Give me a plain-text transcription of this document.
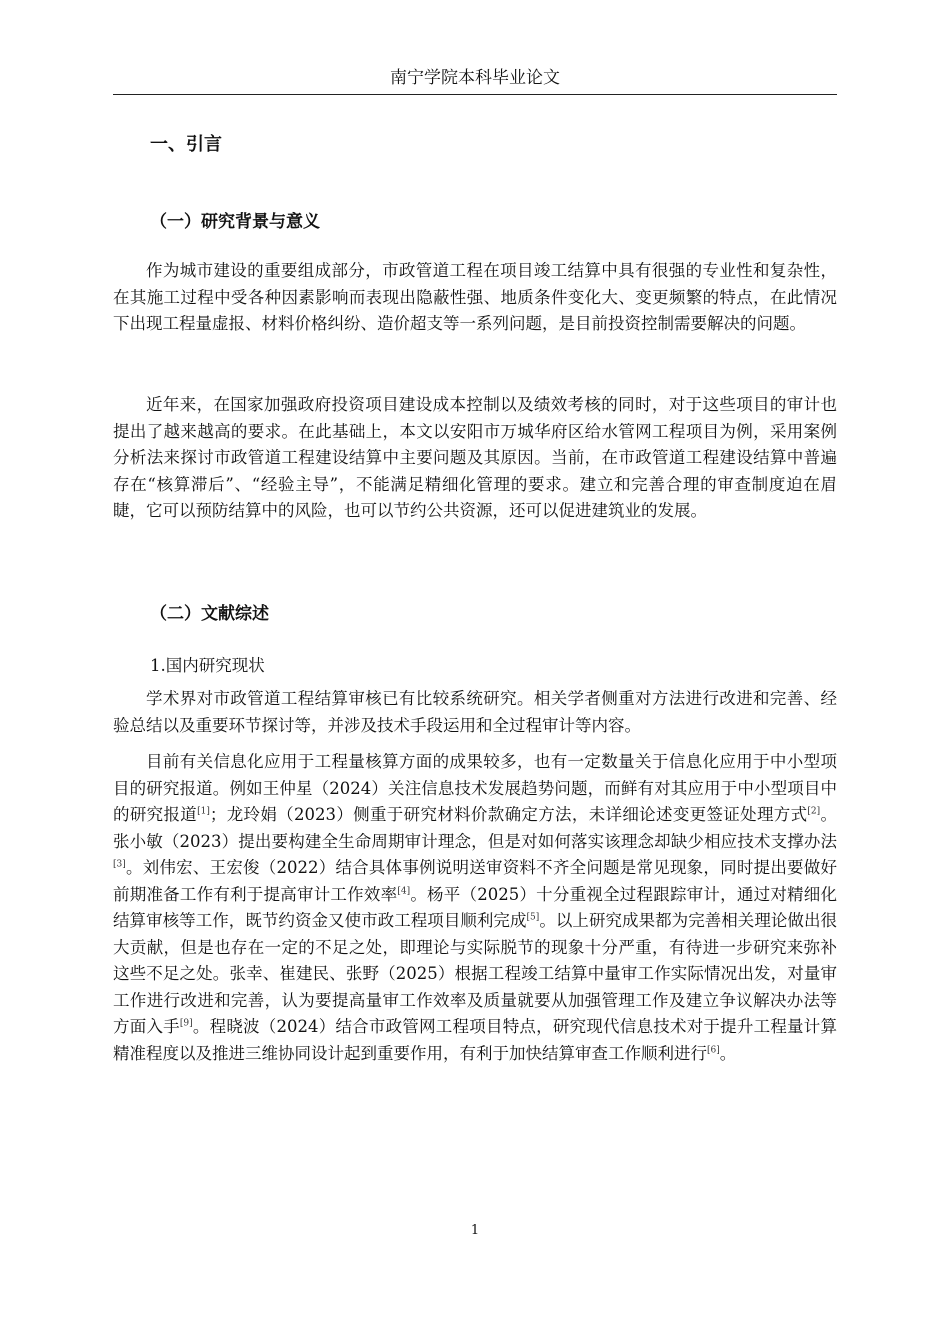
南宁学院本科毕业论文
一、引言
（一）研究背景与意义
作为城市建设的重要组成部分，市政管道工程在项目竣工结算中具有很强的专业性和复杂性，在其施工过程中受各种因素影响而表现出隐蔽性强、地质条件变化大、变更频繁的特点，在此情况下出现工程量虚报、材料价格纠纷、造价超支等一系列问题，是目前投资控制需要解决的问题。
近年来，在国家加强政府投资项目建设成本控制以及绩效考核的同时，对于这些项目的审计也提出了越来越高的要求。在此基础上，本文以安阳市万城华府区给水管网工程项目为例，采用案例分析法来探讨市政管道工程建设结算中主要问题及其原因。当前，在市政管道工程建设结算中普遍存在“核算滞后”、“经验主导”，不能满足精细化管理的要求。建立和完善合理的审查制度迫在眉睫，它可以预防结算中的风险，也可以节约公共资源，还可以促进建筑业的发展。
（二）文献综述
1.国内研究现状
学术界对市政管道工程结算审核已有比较系统研究。相关学者侧重对方法进行改进和完善、经验总结以及重要环节探讨等，并涉及技术手段运用和全过程审计等内容。
目前有关信息化应用于工程量核算方面的成果较多，也有一定数量关于信息化应用于中小型项目的研究报道。例如王仲星（2024）关注信息技术发展趋势问题，而鲜有对其应用于中小型项目中的研究报道[1]；龙玲娟（2023）侧重于研究材料价款确定方法，未详细论述变更签证处理方式[2]。张小敏（2023）提出要构建全生命周期审计理念，但是对如何落实该理念却缺少相应技术支撑办法[3]。刘伟宏、王宏俊（2022）结合具体事例说明送审资料不齐全问题是常见现象，同时提出要做好前期准备工作有利于提高审计工作效率[4]。杨平（2025）十分重视全过程跟踪审计，通过对精细化结算审核等工作，既节约资金又使市政工程项目顺利完成[5]。以上研究成果都为完善相关理论做出很大贡献，但是也存在一定的不足之处，即理论与实际脱节的现象十分严重，有待进一步研究来弥补这些不足之处。张幸、崔建民、张野（2025）根据工程竣工结算中量审工作实际情况出发，对量审工作进行改进和完善，认为要提高量审工作效率及质量就要从加强管理工作及建立争议解决办法等方面入手[9]。程晓波（2024）结合市政管网工程项目特点，研究现代信息技术对于提升工程量计算精准程度以及推进三维协同设计起到重要作用，有利于加快结算审查工作顺利进行[6]。
1
